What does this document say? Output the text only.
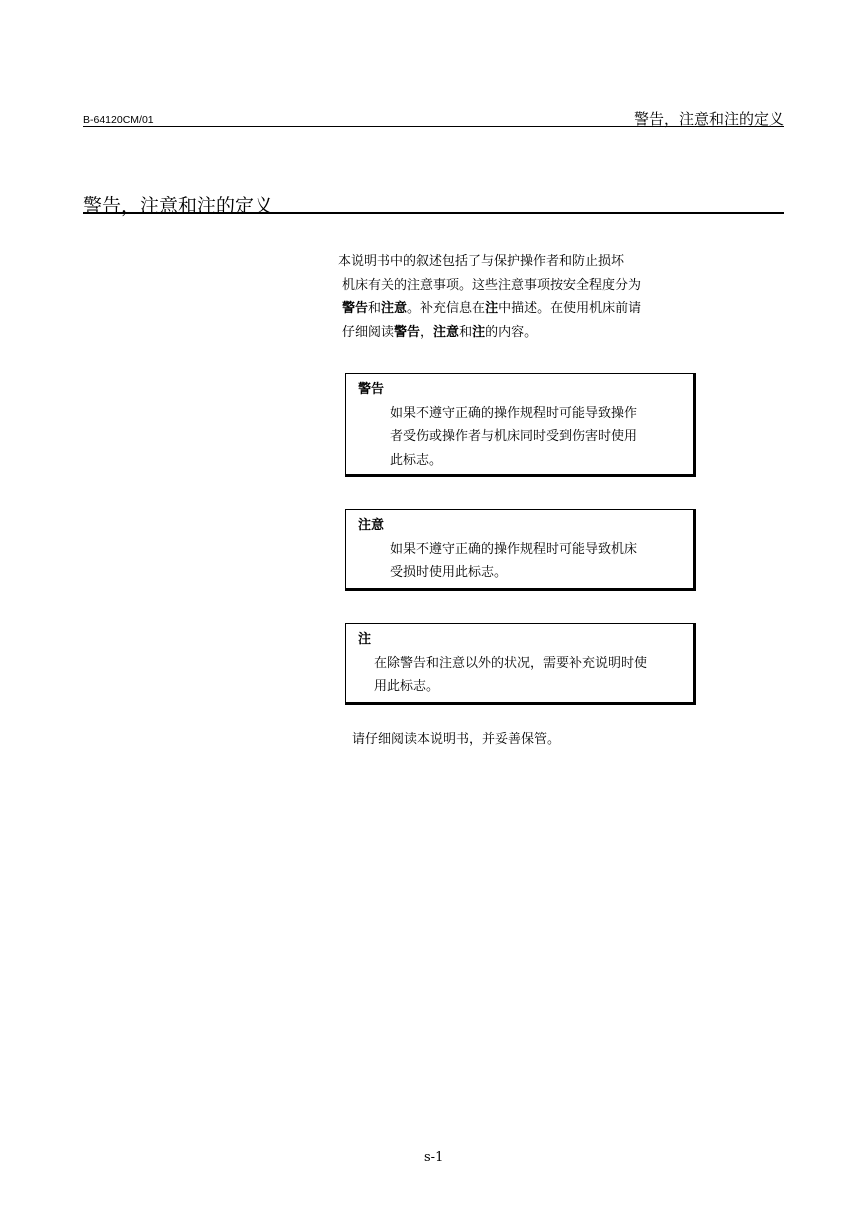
B-64120CM/01	警告，注意和注的定义
警告，注意和注的定义
本说明书中的叙述包括了与保护操作者和防止损坏
机床有关的注意事项。这些注意事项按安全程度分为
警告和注意。补充信息在注中描述。在使用机床前请
仔细阅读警告，注意和注的内容。
警告
如果不遵守正确的操作规程时可能导致操作
者受伤或操作者与机床同时受到伤害时使用
此标志。
注意
如果不遵守正确的操作规程时可能导致机床
受损时使用此标志。
注
在除警告和注意以外的状况，需要补充说明时使
用此标志。
请仔细阅读本说明书，并妥善保管。
s-1
